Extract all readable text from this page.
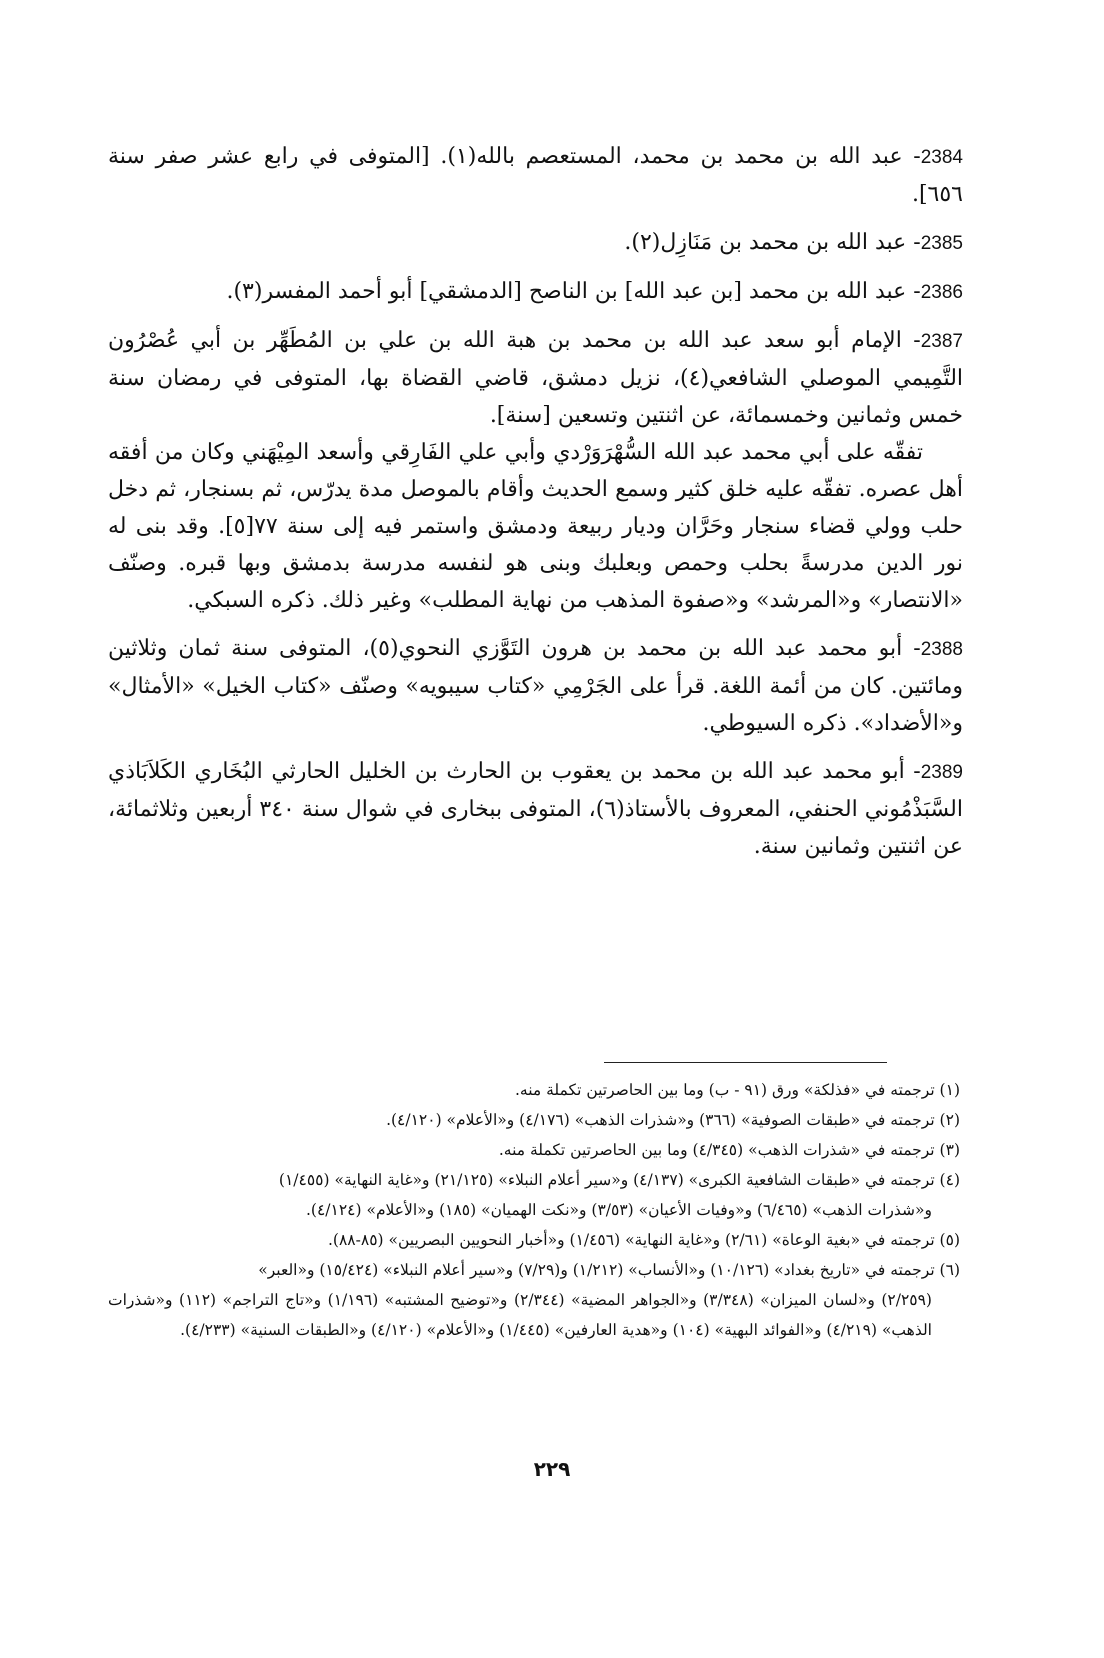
2384- عبد الله بن محمد بن محمد، المستعصم بالله(١). [المتوفى في رابع عشر صفر سنة ٦٥٦].
2385- عبد الله بن محمد بن مَنَازِل(٢).
2386- عبد الله بن محمد [بن عبد الله] بن الناصح [الدمشقي] أبو أحمد المفسر(٣).
2387- الإمام أبو سعد عبد الله بن محمد بن هبة الله بن علي بن المُطَهِّر بن أبي عُصْرُون التَّمِيمي الموصلي الشافعي(٤)، نزيل دمشق، قاضي القضاة بها، المتوفى في رمضان سنة خمس وثمانين وخمسمائة، عن اثنتين وتسعين [سنة].

تفقّه على أبي محمد عبد الله السُّهْرَوَرْدي وأبي علي الفَارِقي وأسعد المِيْهَني وكان من أفقه أهل عصره. تفقّه عليه خلق كثير وسمع الحديث وأقام بالموصل مدة يدرّس، ثم بسنجار، ثم دخل حلب وولي قضاء سنجار وحَرَّان وديار ربيعة ودمشق واستمر فيه إلى سنة ٧٧[٥]. وقد بنى له نور الدين مدرسةً بحلب وحمص وبعلبك وبنى هو لنفسه مدرسة بدمشق وبها قبره. وصنّف «الانتصار» و«المرشد» و«صفوة المذهب من نهاية المطلب» وغير ذلك. ذكره السبكي.

2388- أبو محمد عبد الله بن محمد بن هرون التَوَّزي النحوي(٥)، المتوفى سنة ثمان وثلاثين ومائتين. كان من أئمة اللغة. قرأ على الجَرْمِي «كتاب سيبويه» وصنّف «كتاب الخيل» «الأمثال» و«الأضداد». ذكره السيوطي.
2389- أبو محمد عبد الله بن محمد بن يعقوب بن الحارث بن الخليل الحارثي البُخَاري الكَلاَبَاذي السَّبَذْمُوني الحنفي، المعروف بالأستاذ(٦)، المتوفى ببخارى في شوال سنة ٣٤٠ أربعين وثلاثمائة، عن اثنتين وثمانين سنة.
(١) ترجمته في «فذلكة» ورق (٩١ - ب) وما بين الحاصرتين تكملة منه.
(٢) ترجمته في «طبقات الصوفية» (٣٦٦) و«شذرات الذهب» (٤/١٧٦) و«الأعلام» (٤/١٢٠).
(٣) ترجمته في «شذرات الذهب» (٤/٣٤٥) وما بين الحاصرتين تكملة منه.
(٤) ترجمته في «طبقات الشافعية الكبرى» (٤/١٣٧) و«سير أعلام النبلاء» (٢١/١٢٥) و«غاية النهاية» (١/٤٥٥)
و«شذرات الذهب» (٦/٤٦٥) و«وفيات الأعيان» (٣/٥٣) و«نكت الهميان» (١٨٥) و«الأعلام» (٤/١٢٤).
(٥) ترجمته في «بغية الوعاة» (٢/٦١) و«غاية النهاية» (١/٤٥٦) و«أخبار النحويين البصريين» (٨٥-٨٨).
(٦) ترجمته في «تاريخ بغداد» (١٠/١٢٦) و«الأنساب» (١/٢١٢) و(٧/٢٩) و«سير أعلام النبلاء» (١٥/٤٢٤) و«العبر»
(٢/٢٥٩) و«لسان الميزان» (٣/٣٤٨) و«الجواهر المضية» (٢/٣٤٤) و«توضيح المشتبه» (١/١٩٦) و«تاج التراجم» (١١٢) و«شذرات الذهب» (٤/٢١٩) و«الفوائد البهية» (١٠٤) و«هدية العارفين» (١/٤٤٥) و«الأعلام» (٤/١٢٠) و«الطبقات السنية» (٤/٢٣٣).
٢٢٩
